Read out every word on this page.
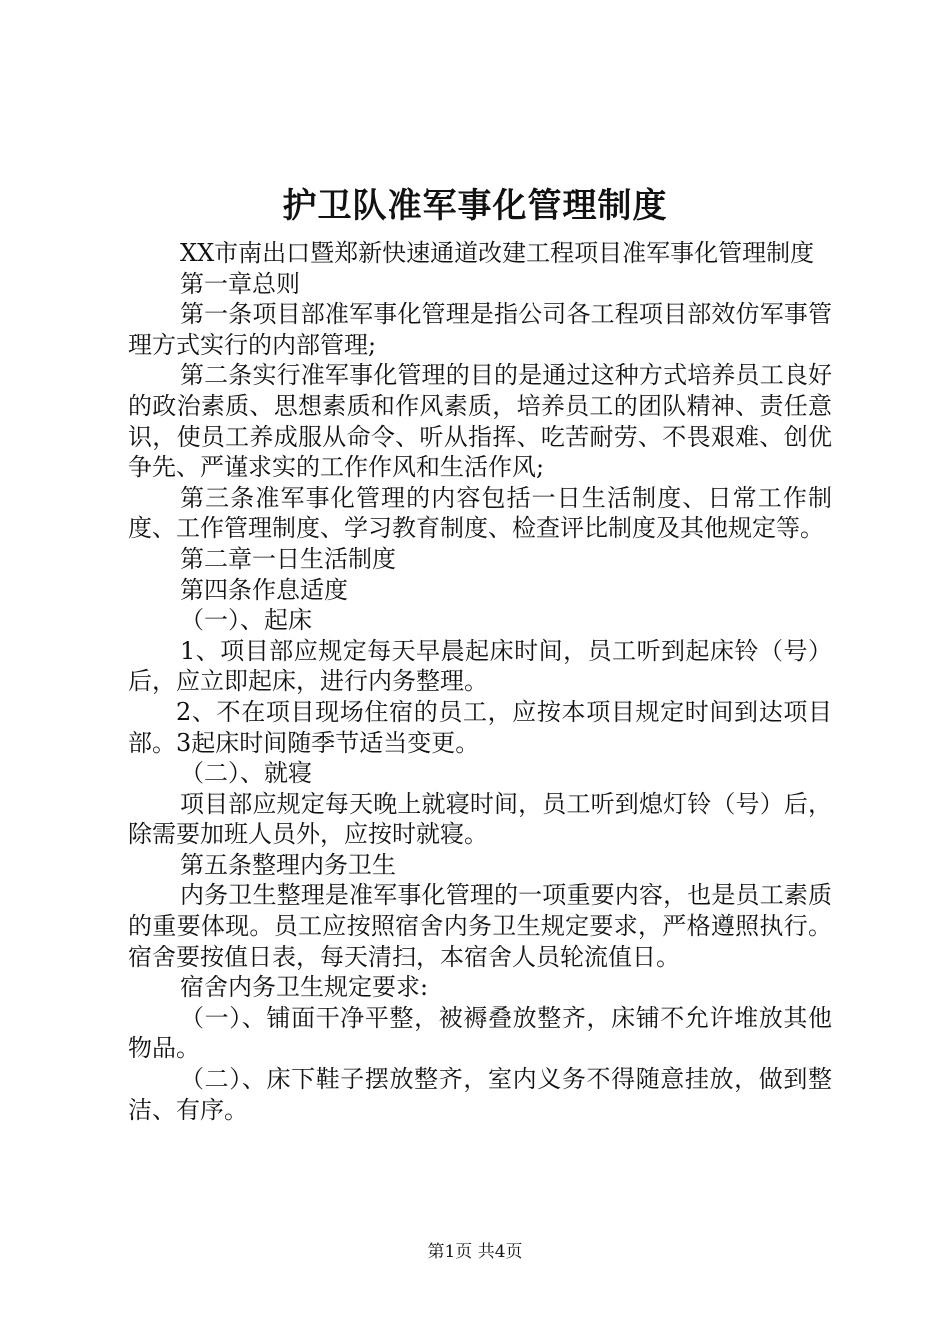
护卫队准军事化管理制度

XX市南出口暨郑新快速通道改建工程项目准军事化管理制度

第一章总则

第一条项目部准军事化管理是指公司各工程项目部效仿军事管理方式实行的内部管理;

第二条实行准军事化管理的目的是通过这种方式培养员工良好的政治素质、思想素质和作风素质，培养员工的团队精神、责任意识，使员工养成服从命令、听从指挥、吃苦耐劳、不畏艰难、创优争先、严谨求实的工作作风和生活作风;

第三条准军事化管理的内容包括一日生活制度、日常工作制度、工作管理制度、学习教育制度、检查评比制度及其他规定等。

第二章一日生活制度

第四条作息适度

（一）、起床

1、项目部应规定每天早晨起床时间，员工听到起床铃（号）后，应立即起床，进行内务整理。

2、不在项目现场住宿的员工，应按本项目规定时间到达项目部。3起床时间随季节适当变更。

（二）、就寝

项目部应规定每天晚上就寝时间，员工听到熄灯铃（号）后，除需要加班人员外，应按时就寝。

第五条整理内务卫生

内务卫生整理是准军事化管理的一项重要内容，也是员工素质的重要体现。员工应按照宿舍内务卫生规定要求，严格遵照执行。宿舍要按值日表，每天清扫，本宿舍人员轮流值日。

宿舍内务卫生规定要求:

（一）、铺面干净平整，被褥叠放整齐，床铺不允许堆放其他物品。

（二）、床下鞋子摆放整齐，室内义务不得随意挂放，做到整洁、有序。

第1页 共4页
